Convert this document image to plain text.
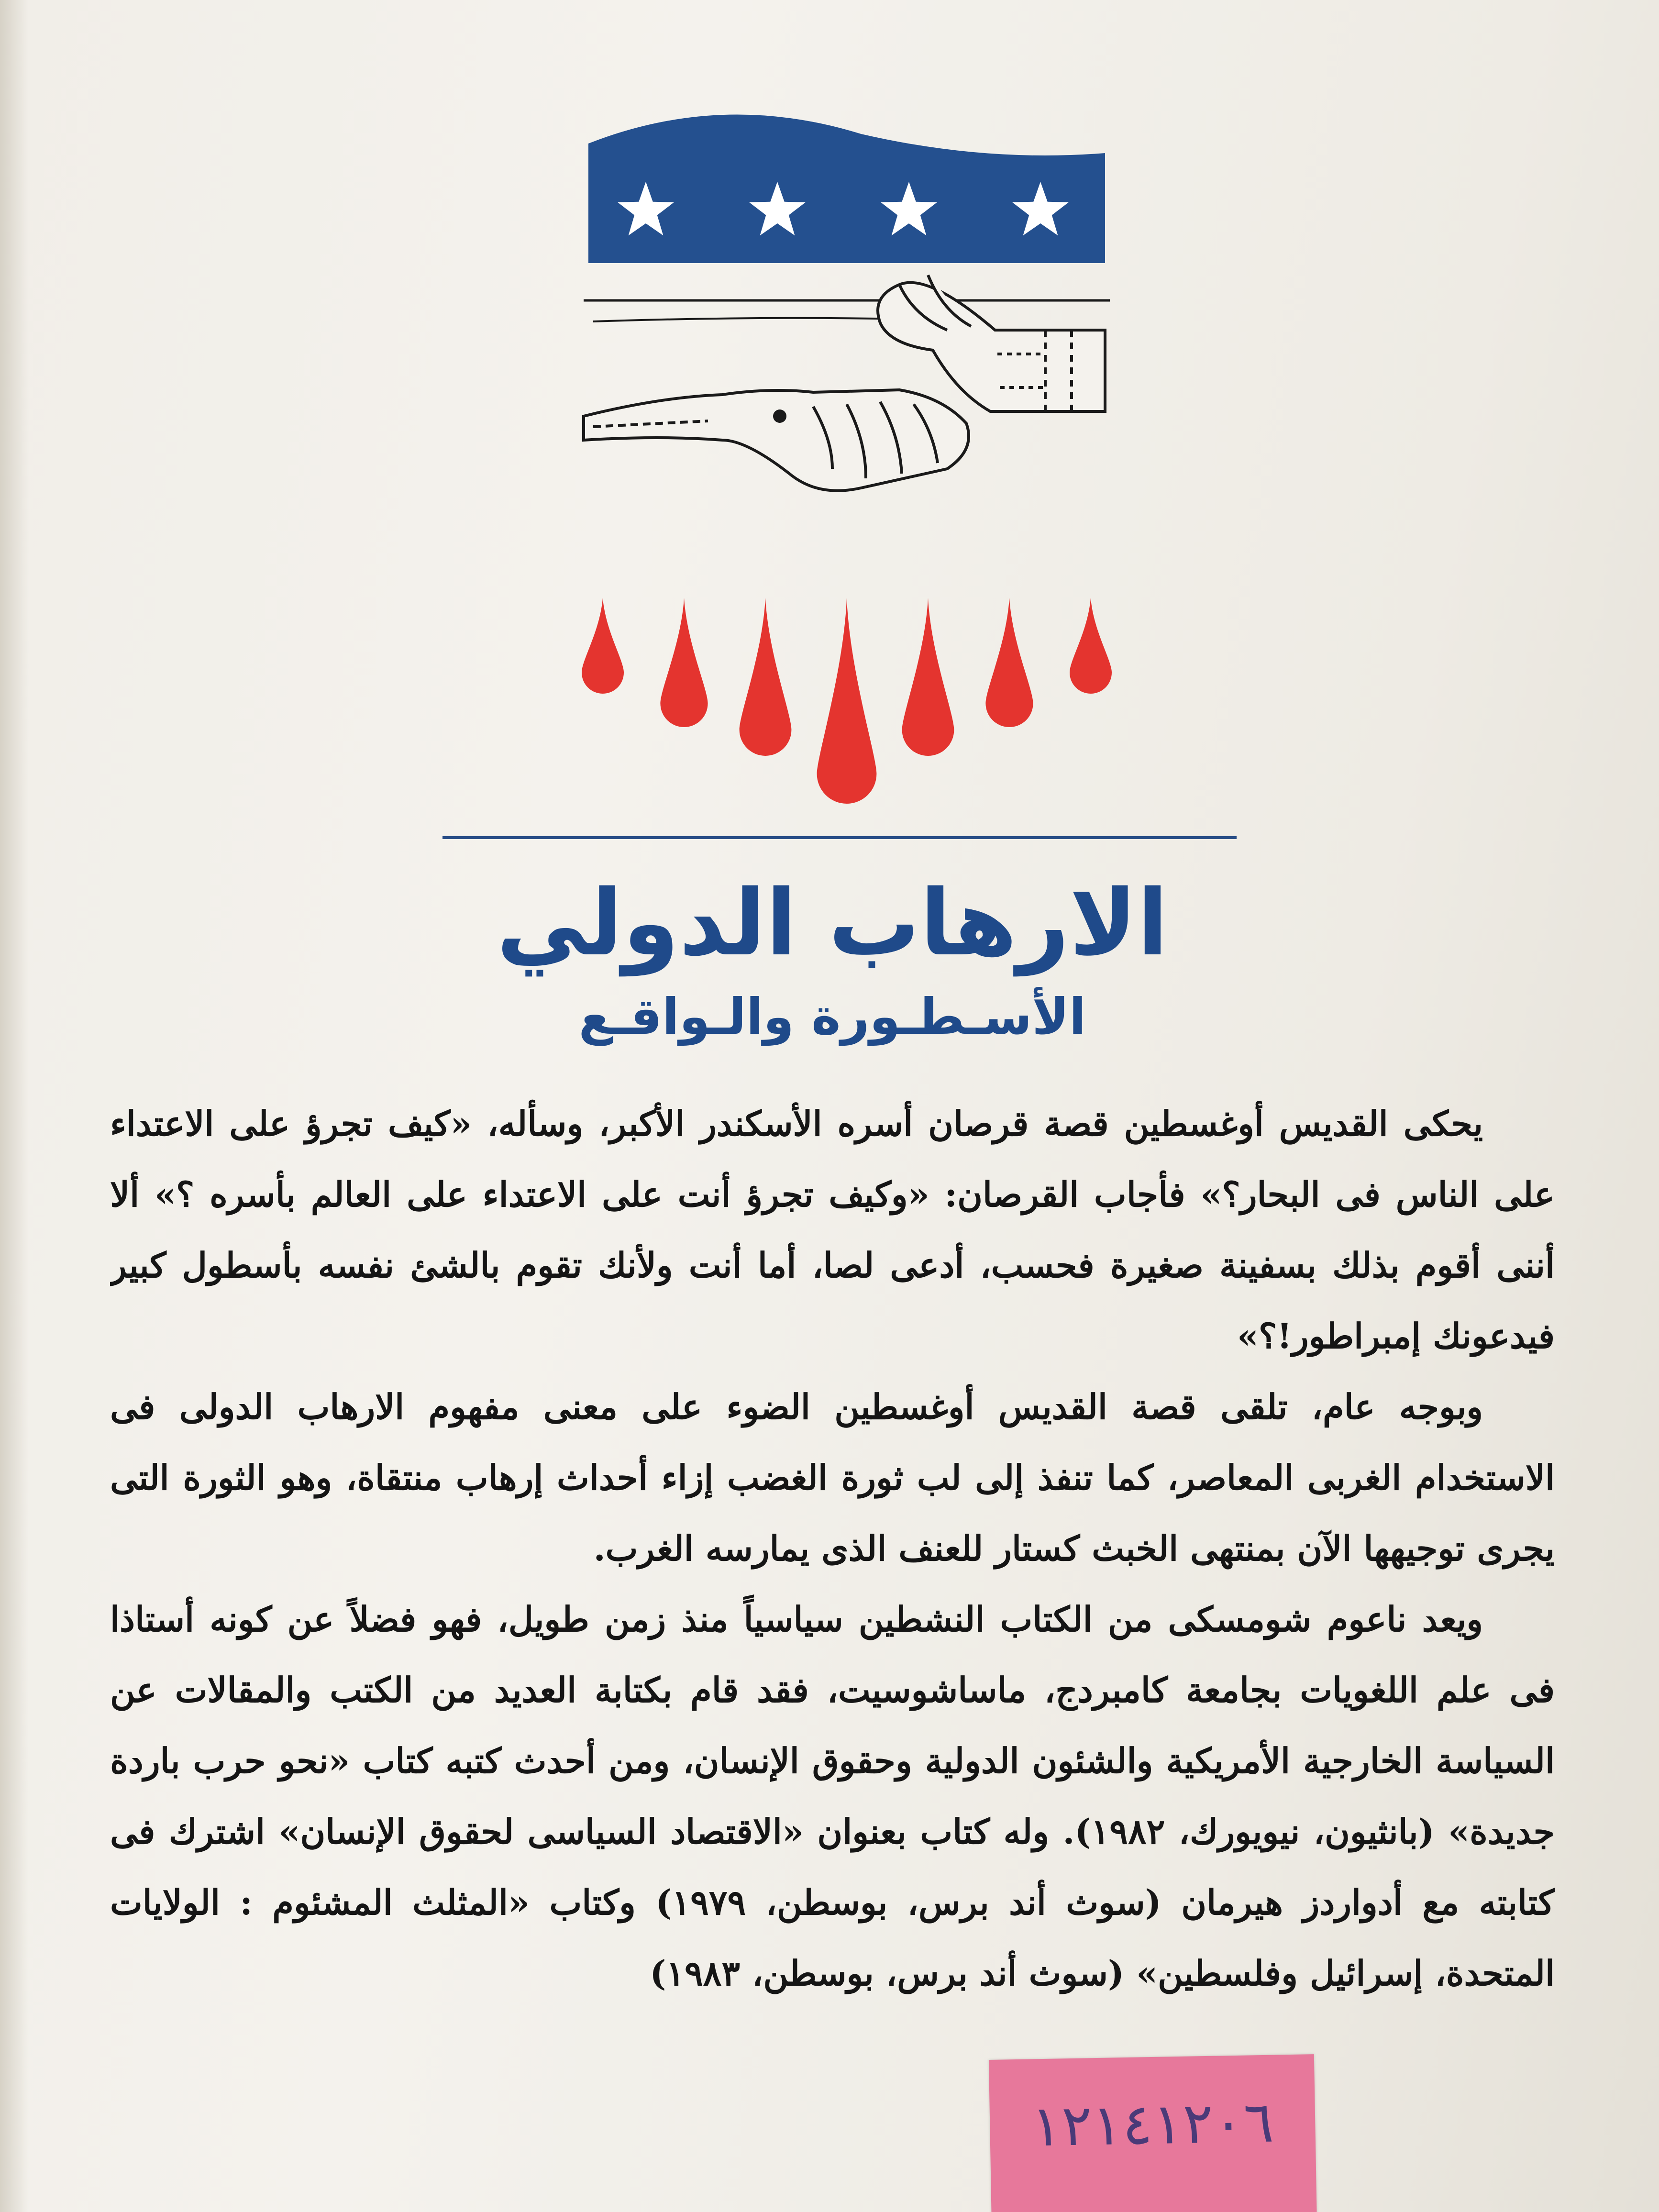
الارهاب الدولي
الأسـطـورة والـواقـع

يحكى القديس أوغسطين قصة قرصان أسره الأسكندر الأكبر، وسأله، «كيف تجرؤ على الاعتداء على الناس فى البحار؟» فأجاب القرصان: «وكيف تجرؤ أنت على الاعتداء على العالم بأسره ؟» ألا أننى أقوم بذلك بسفينة صغيرة فحسب، أدعى لصا، أما أنت ولأنك تقوم بالشئ نفسه بأسطول كبير فيدعونك إمبراطور!؟»

وبوجه عام، تلقى قصة القديس أوغسطين الضوء على معنى مفهوم الارهاب الدولى فى الاستخدام الغربى المعاصر، كما تنفذ إلى لب ثورة الغضب إزاء أحداث إرهاب منتقاة، وهو الثورة التى يجرى توجيهها الآن بمنتهى الخبث كستار للعنف الذى يمارسه الغرب.

ويعد ناعوم شومسكى من الكتاب النشطين سياسياً منذ زمن طويل، فهو فضلاً عن كونه أستاذا فى علم اللغويات بجامعة كامبردج، ماساشوسيت، فقد قام بكتابة العديد من الكتب والمقالات عن السياسة الخارجية الأمريكية والشئون الدولية وحقوق الإنسان، ومن أحدث كتبه كتاب «نحو حرب باردة جديدة» (بانثيون، نيويورك، ١٩٨٢). وله كتاب بعنوان «الاقتصاد السياسى لحقوق الإنسان» اشترك فى كتابته مع أدواردز هيرمان (سوث أند برس، بوسطن، ١٩٧٩) وكتاب «المثلث المشئوم : الولايات المتحدة، إسرائيل وفلسطين» (سوث أند برس، بوسطن، ١٩٨٣)

١٢١٤١٢٠٦
